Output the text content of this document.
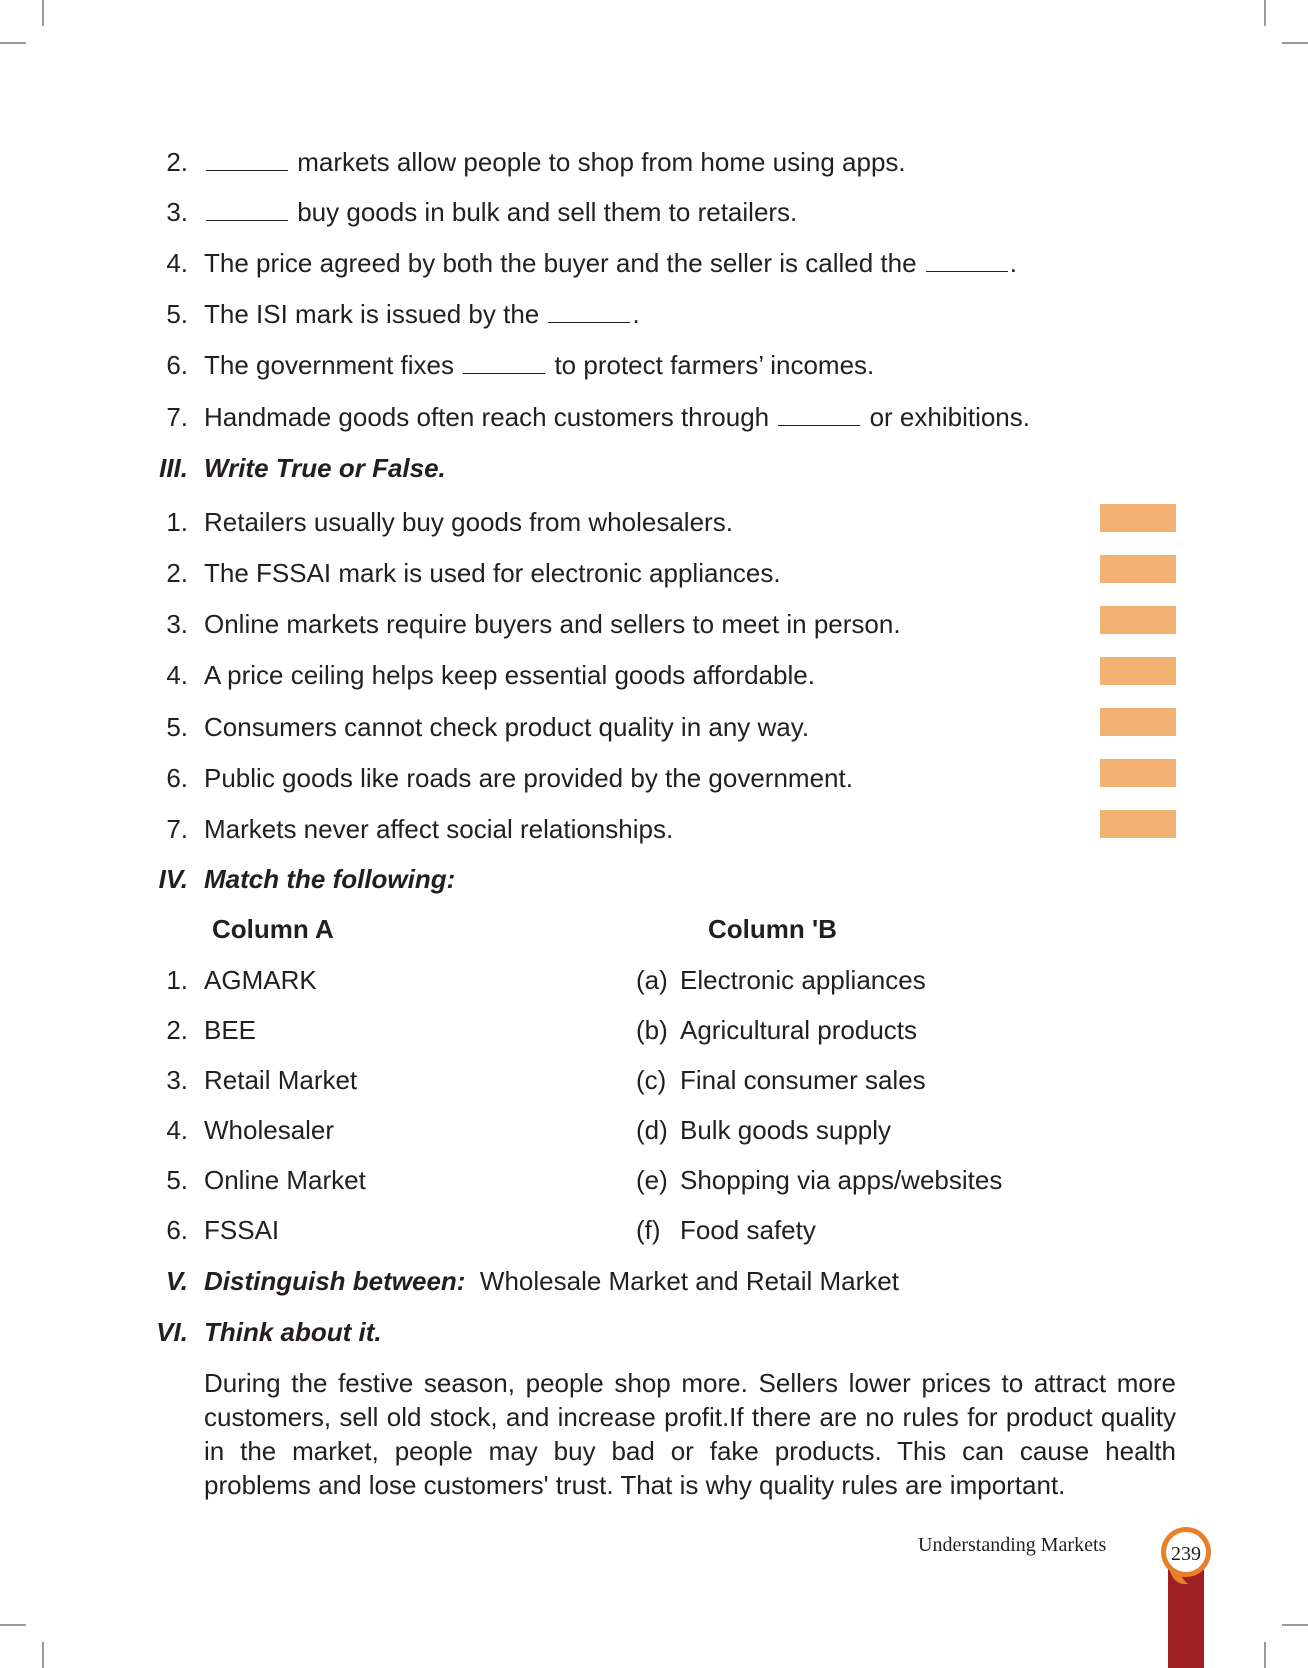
2.	markets allow people to shop from home using apps.
3.	buy goods in bulk and sell them to retailers.
4. The price agreed by both the buyer and the seller is called the	.
5. The ISI mark is issued by the	.
6. The government fixes	to protect farmers’ incomes.
7. Handmade goods often reach customers through	or exhibitions.
III. Write True or False.
1. Retailers usually buy goods from wholesalers.
2. The FSSAI mark is used for electronic appliances.
3. Online markets require buyers and sellers to meet in person.
4. A price ceiling helps keep essential goods affordable.
5. Consumers cannot check product quality in any way.
6. Public goods like roads are provided by the government.
7. Markets never affect social relationships.
IV. Match the following:
Column A	Column 'B
1. AGMARK	(a) Electronic appliances
2. BEE	(b) Agricultural products
3. Retail Market	(c) Final consumer sales
4. Wholesaler	(d) Bulk goods supply
5. Online Market	(e) Shopping via apps/websites
6. FSSAI	(f) Food safety
V. Distinguish between: Wholesale Market and Retail Market
VI. Think about it.
During the festive season, people shop more. Sellers lower prices to attract more customers, sell old stock, and increase profit.If there are no rules for product quality in the market, people may buy bad or fake products. This can cause health problems and lose customers' trust. That is why quality rules are important.
Understanding Markets	239
